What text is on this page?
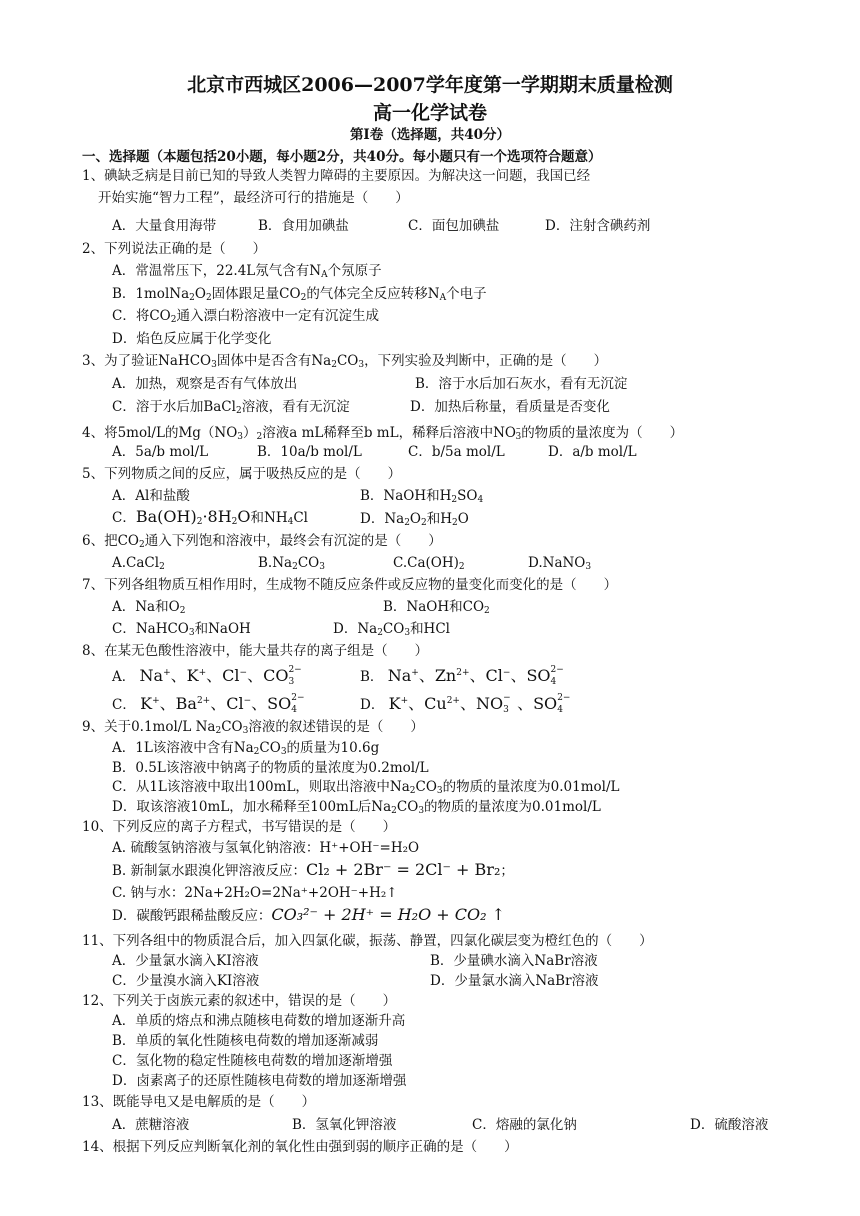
北京市西城区2006—2007学年度第一学期期末质量检测
高一化学试卷
第Ⅰ卷（选择题，共40分）
一、选择题（本题包括20小题，每小题2分，共40分。每小题只有一个选项符合题意）
1、碘缺乏病是目前已知的导致人类智力障碍的主要原因。为解决这一问题，我国已经
开始实施“智力工程”，最经济可行的措施是（　　）
A．大量食用海带	B．食用加碘盐	C．面包加碘盐	D．注射含碘药剂
2、下列说法正确的是（　　）
A．常温常压下，22.4L氖气含有$N_A$个氖原子
B．$1molNa_2O_2$固体跟足量$CO_2$的气体完全反应转移$N_A$个电子
C．将$CO_2$通入漂白粉溶液中一定有沉淀生成
D．焰色反应属于化学变化
3、为了验证NaHCO$_3$固体中是否含有$Na_2CO_3$，下列实验及判断中，正确的是（　　）
A．加热，观察是否有气体放出	B．溶于水后加石灰水，看有无沉淀
C．溶于水后加BaCl$_2$溶液，看有无沉淀	D．加热后称量，看质量是否变化
4、将5mol/L的$Mg(NO_3)_2$溶液a mL稀释至b mL，稀释后溶液中$NO^-_3$的物质的量浓度为（　　）
A．5a/b mol/L	B．10a/b mol/L	C．b/5a mol/L	D．a/b mol/L
5、下列物质之间的反应，属于吸热反应的是（　　）
A．Al和盐酸	B．NaOH和$H_2SO_4$
C．$Ba(OH)_2\cdot 8H_2O$和$NH_4Cl$	D．$Na_2O_2$和$H_2O$
6、把$CO_2$通入下列饱和溶液中，最终会有沉淀的是（　　）
A.CaCl$_2$	$B.Na_2CO_3$	$C.Ca(OH)_2$	D.NaNO$_3$
7、下列各组物质互相作用时，生成物不随反应条件或反应物的量变化而变化的是（　　）
A．Na和$O_2$	B．NaOH和$CO_2$
C．NaHCO$_3$和NaOH	D．$Na_2CO_3$和HCl
8、在某无色酸性溶液中，能大量共存的离子组是（　　）
A． Na+、K+、Cl−、CO 2−
3	B． Na+、$Zn^{2+}$、Cl−、SO 2−
4
C． K+、$Ba^{2+}$、Cl−、SO 2−
4	D． K+、$Cu^{2+}$、NO −
3 、SO 2−
4
9、关于0.1mol/L $Na_2CO_3$溶液的叙述错误的是（　　）
A．1L该溶液中含有$Na_2CO_3$的质量为10.6g
B．0.5L该溶液中钠离子的物质的量浓度为0.2mol/L
C．从1L该溶液中取出100mL，则取出溶液中$Na_2CO_3$的物质的量浓度为0.01mol/L
D．取该溶液10mL，加水稀释至100mL后$Na_2CO_3$的物质的量浓度为0.01mol/L
10、下列反应的离子方程式，书写错误的是（　　）
A. 硫酸氢钠溶液与氢氧化钠溶液：H⁺+OH⁻=H₂O
B. 新制氯水跟溴化钾溶液反应：Cl₂ + 2Br⁻ = 2Cl⁻ + Br₂；
C. 钠与水：2Na+2H₂O=2Na⁺+2OH⁻+H₂↑
D．碳酸钙跟稀盐酸反应：CO₃²⁻ + 2H⁺ = H₂O + CO₂ ↑
11、下列各组中的物质混合后，加入四氯化碳，振荡、静置，四氯化碳层变为橙红色的（　　）
A．少量氯水滴入KI溶液	B．少量碘水滴入NaBr溶液
C．少量溴水滴入KI溶液	D．少量氯水滴入NaBr溶液
12、下列关于卤族元素的叙述中，错误的是（　　）
A．单质的熔点和沸点随核电荷数的增加逐渐升高
B．单质的氧化性随核电荷数的增加逐渐减弱
C．氢化物的稳定性随核电荷数的增加逐渐增强
D．卤素离子的还原性随核电荷数的增加逐渐增强
13、既能导电又是电解质的是（　　）
A．蔗糖溶液	B．氢氧化钾溶液	C．熔融的氯化钠	D．硫酸溶液
14、根据下列反应判断氧化剂的氧化性由强到弱的顺序正确的是（　　）
